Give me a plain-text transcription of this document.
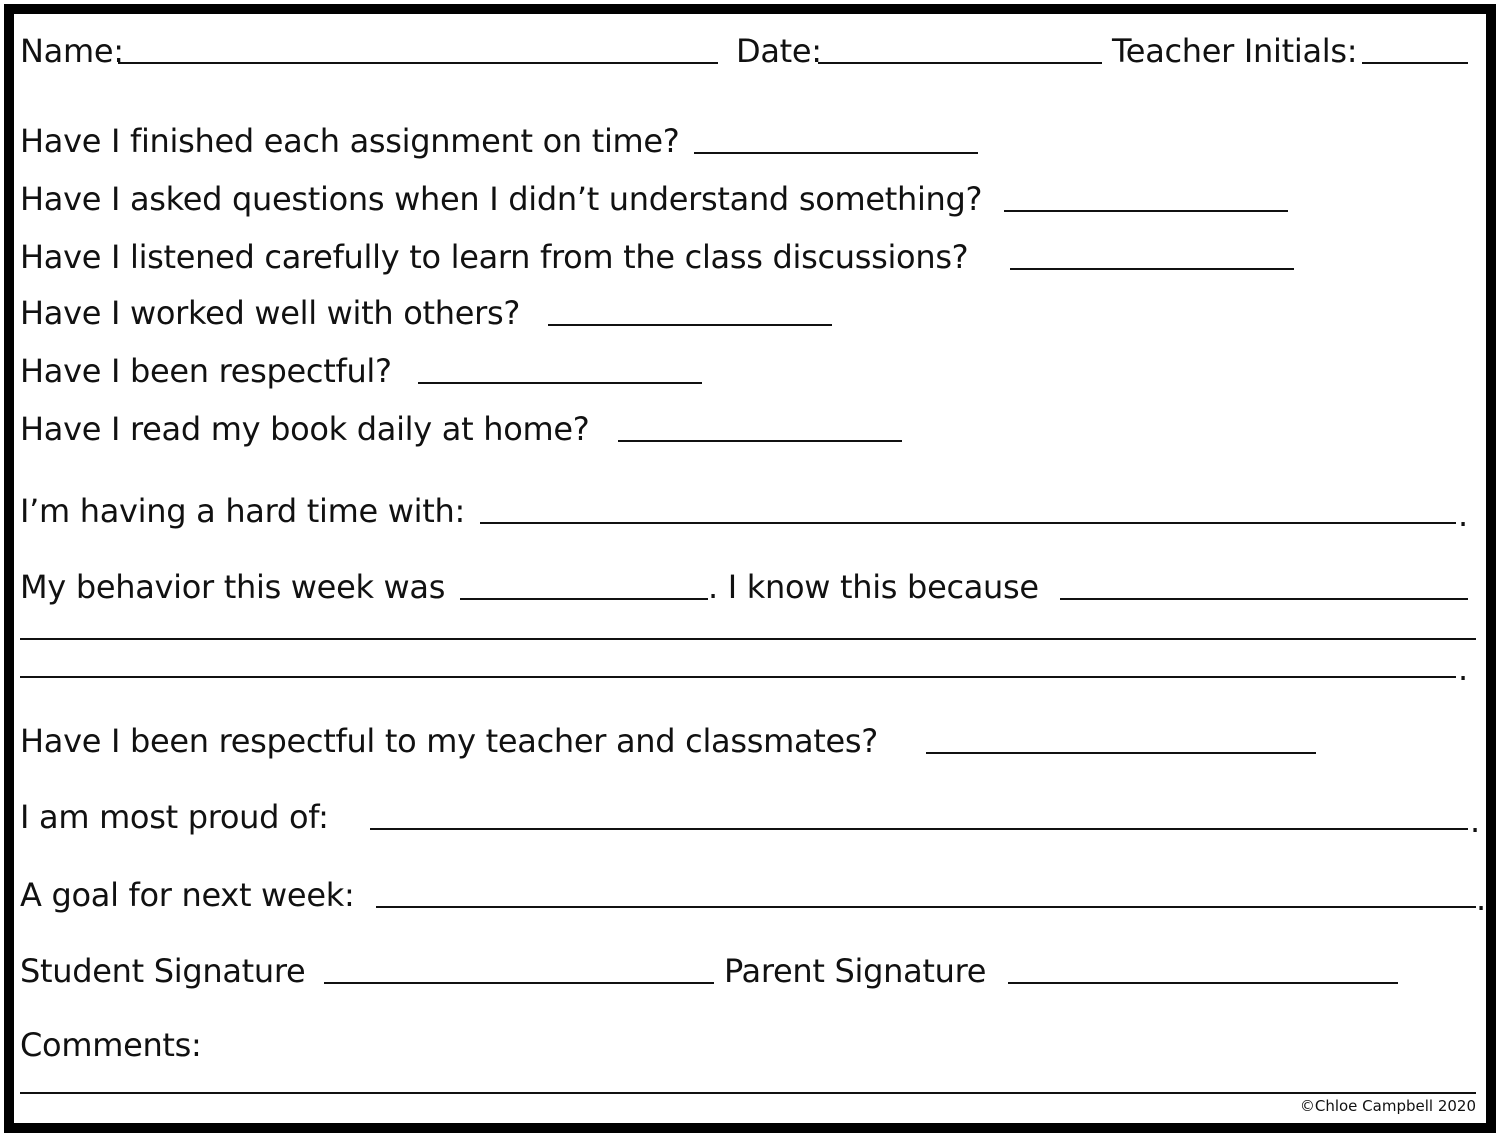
Name:	Date:	Teacher Initials:
Have I finished each assignment on time?
Have I asked questions when I didn’t understand something?
Have I listened carefully to learn from the class discussions?
Have I worked well with others?
Have I been respectful?
Have I read my book daily at home?
I’m having a hard time with:	.
My behavior this week was	. I know this because
.
Have I been respectful to my teacher and classmates?
I am most proud of:	.
A goal for next week:	.
Student Signature	Parent Signature
Comments:
©Chloe Campbell 2020
